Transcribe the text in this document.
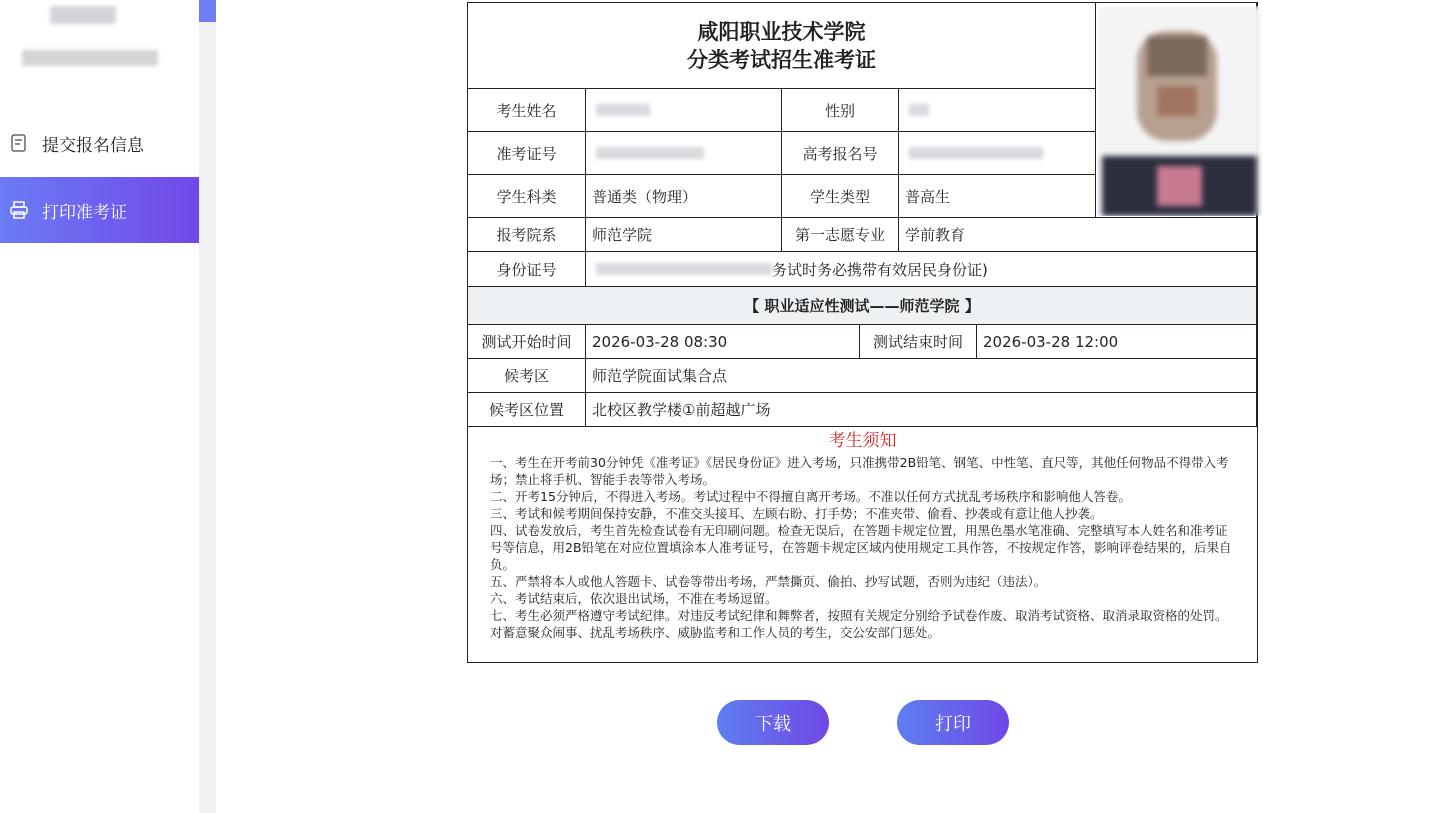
提交报名信息
打印准考证
咸阳职业技术学院
分类考试招生准考证
考生姓名	性别
准考证号	高考报名号
学生科类	普通类（物理）	学生类型	普高生
报考院系	师范学院	第一志愿专业	学前教育
身份证号	务试时务必携带有效居民身份证)
【 职业适应性测试——师范学院 】
测试开始时间	2026-03-28 08:30	测试结束时间	2026-03-28 12:00
候考区	师范学院面试集合点
候考区位置	北校区教学楼①前超越广场
考生须知

一、考生在开考前30分钟凭《准考证》《居民身份证》进入考场，只准携带2B铅笔、钢笔、中性笔、直尺等，其他任何物品不得带入考场；禁止将手机、智能手表等带入考场。

二、开考15分钟后，不得进入考场。考试过程中不得擅自离开考场。不准以任何方式扰乱考场秩序和影响他人答卷。

三、考试和候考期间保持安静，不准交头接耳、左顾右盼、打手势；不准夹带、偷看、抄袭或有意让他人抄袭。

四、试卷发放后，考生首先检查试卷有无印刷问题。检查无误后，在答题卡规定位置，用黑色墨水笔准确、完整填写本人姓名和准考证号等信息，用2B铅笔在对应位置填涂本人准考证号，在答题卡规定区域内使用规定工具作答，不按规定作答，影响评卷结果的，后果自负。

五、严禁将本人或他人答题卡、试卷等带出考场，严禁撕页、偷拍、抄写试题，否则为违纪（违法）。

六、考试结束后，依次退出试场，不准在考场逗留。

七、考生必须严格遵守考试纪律。对违反考试纪律和舞弊者，按照有关规定分别给予试卷作废、取消考试资格、取消录取资格的处罚。对蓄意聚众闹事、扰乱考场秩序、威胁监考和工作人员的考生，交公安部门惩处。

下载	打印
